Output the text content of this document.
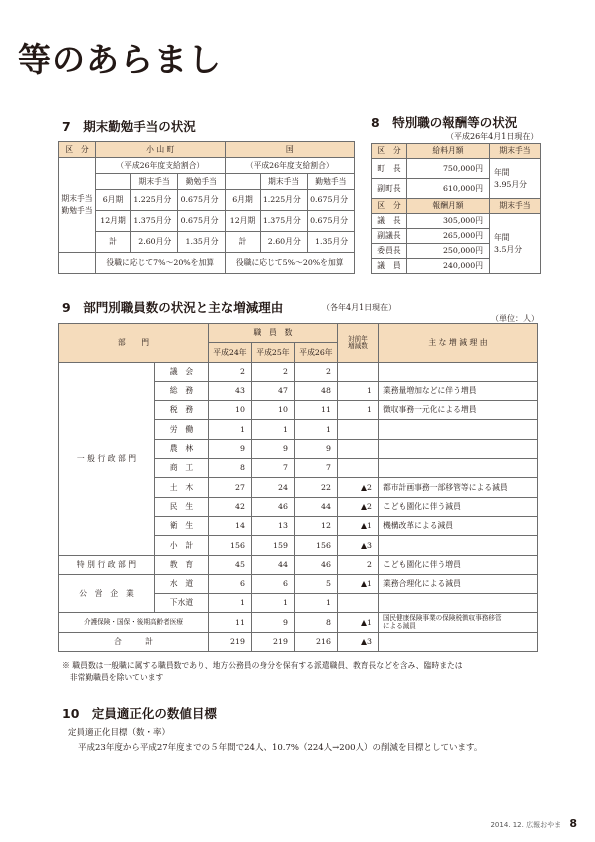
等のあらまし
7　期末勤勉手当の状況
区　分	小 山 町			国		
期末手当
勤勉手当	（平成26年度支給割合）			（平成26年度支給割合）		
		期末手当	勤勉手当		期末手当	勤勉手当
	6月期	1.225月分	0.675月分	6月期	1.225月分	0.675月分
	12月期	1.375月分	0.675月分	12月期	1.375月分	0.675月分
	計	2.60月分	1.35月分	計	2.60月分	1.35月分
	役職に応じて7%～20%を加算			役職に応じて5%～20%を加算		
8　特別職の報酬等の状況
（平成26年4月1日現在）
区　分	給料月額	期末手当
町　長	750,000円	年間
3.95月分
副町長	610,000円	
区　分	報酬月額	期末手当
議　長	305,000円	年間
3.5月分
副議長	265,000円	
委員長	250,000円	
議　員	240,000円	
9　部門別職員数の状況と主な増減理由	（各年4月1日現在）
（単位：人）
部　　門		職　員　数			対前年
増減数	主 な 増 減 理 由
		平成24年	平成25年	平成26年		
一 般 行 政 部 門	議　会	2	2	2		
	総　務	43	47	48	1	業務量増加などに伴う増員
	税　務	10	10	11	1	徴収事務一元化による増員
	労　働	1	1	1		
	農　林	9	9	9		
	商　工	8	7	7		
	土　木	27	24	22	▲2	都市計画事務一部移管等による減員
	民　生	42	46	44	▲2	こども園化に伴う減員
	衛　生	14	13	12	▲1	機構改革による減員
	小　計	156	159	156	▲3	
特 別 行 政 部 門	教　育	45	44	46	2	こども園化に伴う増員
公　営　企　業	水　道	6	6	5	▲1	業務合理化による減員
	下水道	1	1	1		
介護保険・国保・後期高齢者医療		11	9	8	▲1	国民健康保険事業の保険税徴収事務移管
による減員
合　　　計		219	219	216	▲3	
※ 職員数は一般職に属する職員数であり、地方公務員の身分を保有する派遣職員、教育長などを含み、臨時または
　非常勤職員を除いています
10　定員適正化の数値目標
定員適正化目標（数・率）
平成23年度から平成27年度までの５年間で24人、10.7%（224人→200人）の削減を目標としています。
2014. 12. 広報おやま 8
